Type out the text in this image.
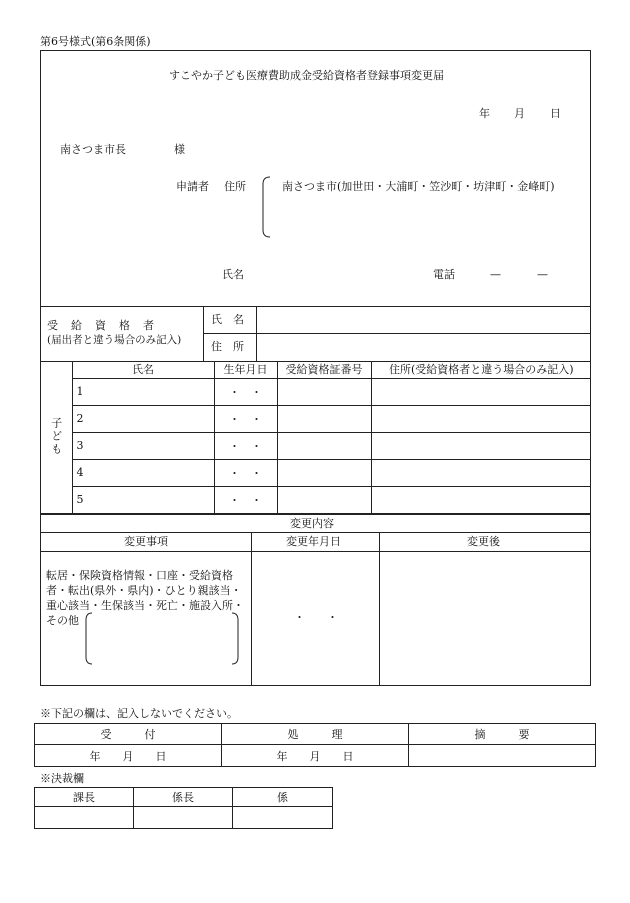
第6号様式(第6条関係)
すこやか子ども医療費助成金受給資格者登録事項変更届
年 月 日
南さつま市長	様
申請者 住所	南さつま市(加世田・大浦町・笠沙町・坊津町・金峰町)
氏名	電話	—	—
受　給　資　格　者
(届出者と違う場合のみ記入)
氏　名
住　所
子ども	氏名	生年月日	受給資格証番号	住所(受給資格者と違う場合のみ記入)
	1	・　・		
	2	・　・		
	3	・　・		
	4	・　・		
	5	・　・		
変更内容
変更事項	変更年月日	変更後
転居・保険資格情報・口座・受給資格者・転出(県外・県内)・ひとり親該当・重心該当・生保該当・死亡・施設入所・その他	・　　・
※下記の欄は、記入しないでください。
受　　　付	処　　　理	摘　　　要
年　　月　　日	年　　月　　日	
※決裁欄
課長	係長	係
